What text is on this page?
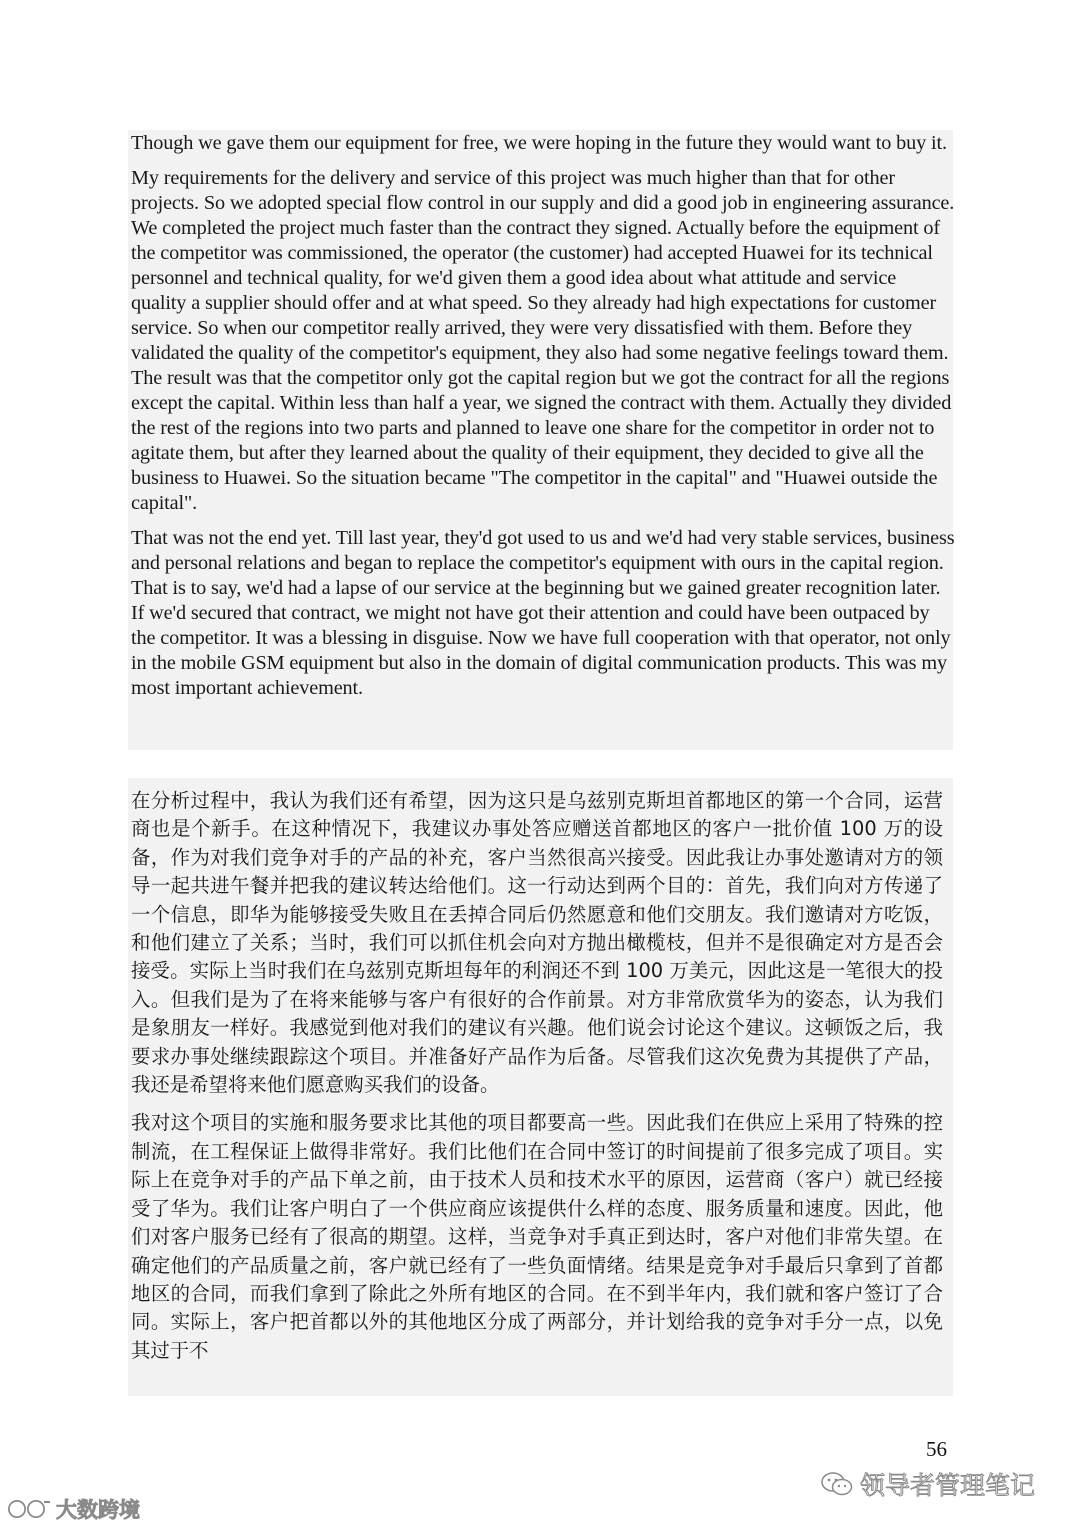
Though we gave them our equipment for free, we were hoping in the future they would want to buy it.

My requirements for the delivery and service of this project was much higher than that for other projects. So we adopted special flow control in our supply and did a good job in engineering assurance. We completed the project much faster than the contract they signed. Actually before the equipment of the competitor was commissioned, the operator (the customer) had accepted Huawei for its technical personnel and technical quality, for we'd given them a good idea about what attitude and service quality a supplier should offer and at what speed. So they already had high expectations for customer service. So when our competitor really arrived, they were very dissatisfied with them. Before they validated the quality of the competitor's equipment, they also had some negative feelings toward them. The result was that the competitor only got the capital region but we got the contract for all the regions except the capital. Within less than half a year, we signed the contract with them. Actually they divided the rest of the regions into two parts and planned to leave one share for the competitor in order not to agitate them, but after they learned about the quality of their equipment, they decided to give all the business to Huawei. So the situation became "The competitor in the capital" and "Huawei outside the capital".

That was not the end yet. Till last year, they'd got used to us and we'd had very stable services, business and personal relations and began to replace the competitor's equipment with ours in the capital region. That is to say, we'd had a lapse of our service at the beginning but we gained greater recognition later. If we'd secured that contract, we might not have got their attention and could have been outpaced by the competitor. It was a blessing in disguise. Now we have full cooperation with that operator, not only in the mobile GSM equipment but also in the domain of digital communication products. This was my most important achievement.

在分析过程中，我认为我们还有希望，因为这只是乌兹别克斯坦首都地区的第一个合同，运营商也是个新手。在这种情况下，我建议办事处答应赠送首都地区的客户一批价值 100 万的设备，作为对我们竞争对手的产品的补充，客户当然很高兴接受。因此我让办事处邀请对方的领导一起共进午餐并把我的建议转达给他们。这一行动达到两个目的：首先，我们向对方传递了一个信息，即华为能够接受失败且在丢掉合同后仍然愿意和他们交朋友。我们邀请对方吃饭，和他们建立了关系；当时，我们可以抓住机会向对方抛出橄榄枝，但并不是很确定对方是否会接受。实际上当时我们在乌兹别克斯坦每年的利润还不到 100 万美元，因此这是一笔很大的投入。但我们是为了在将来能够与客户有很好的合作前景。对方非常欣赏华为的姿态，认为我们是象朋友一样好。我感觉到他对我们的建议有兴趣。他们说会讨论这个建议。这顿饭之后，我要求办事处继续跟踪这个项目。并准备好产品作为后备。尽管我们这次免费为其提供了产品，我还是希望将来他们愿意购买我们的设备。

我对这个项目的实施和服务要求比其他的项目都要高一些。因此我们在供应上采用了特殊的控制流，在工程保证上做得非常好。我们比他们在合同中签订的时间提前了很多完成了项目。实际上在竞争对手的产品下单之前，由于技术人员和技术水平的原因，运营商（客户）就已经接受了华为。我们让客户明白了一个供应商应该提供什么样的态度、服务质量和速度。因此，他们对客户服务已经有了很高的期望。这样，当竞争对手真正到达时，客户对他们非常失望。在确定他们的产品质量之前，客户就已经有了一些负面情绪。结果是竞争对手最后只拿到了首都地区的合同，而我们拿到了除此之外所有地区的合同。在不到半年内，我们就和客户签订了合同。实际上，客户把首都以外的其他地区分成了两部分，并计划给我的竞争对手分一点，以免其过于不

56
领导者管理笔记
大数跨境
